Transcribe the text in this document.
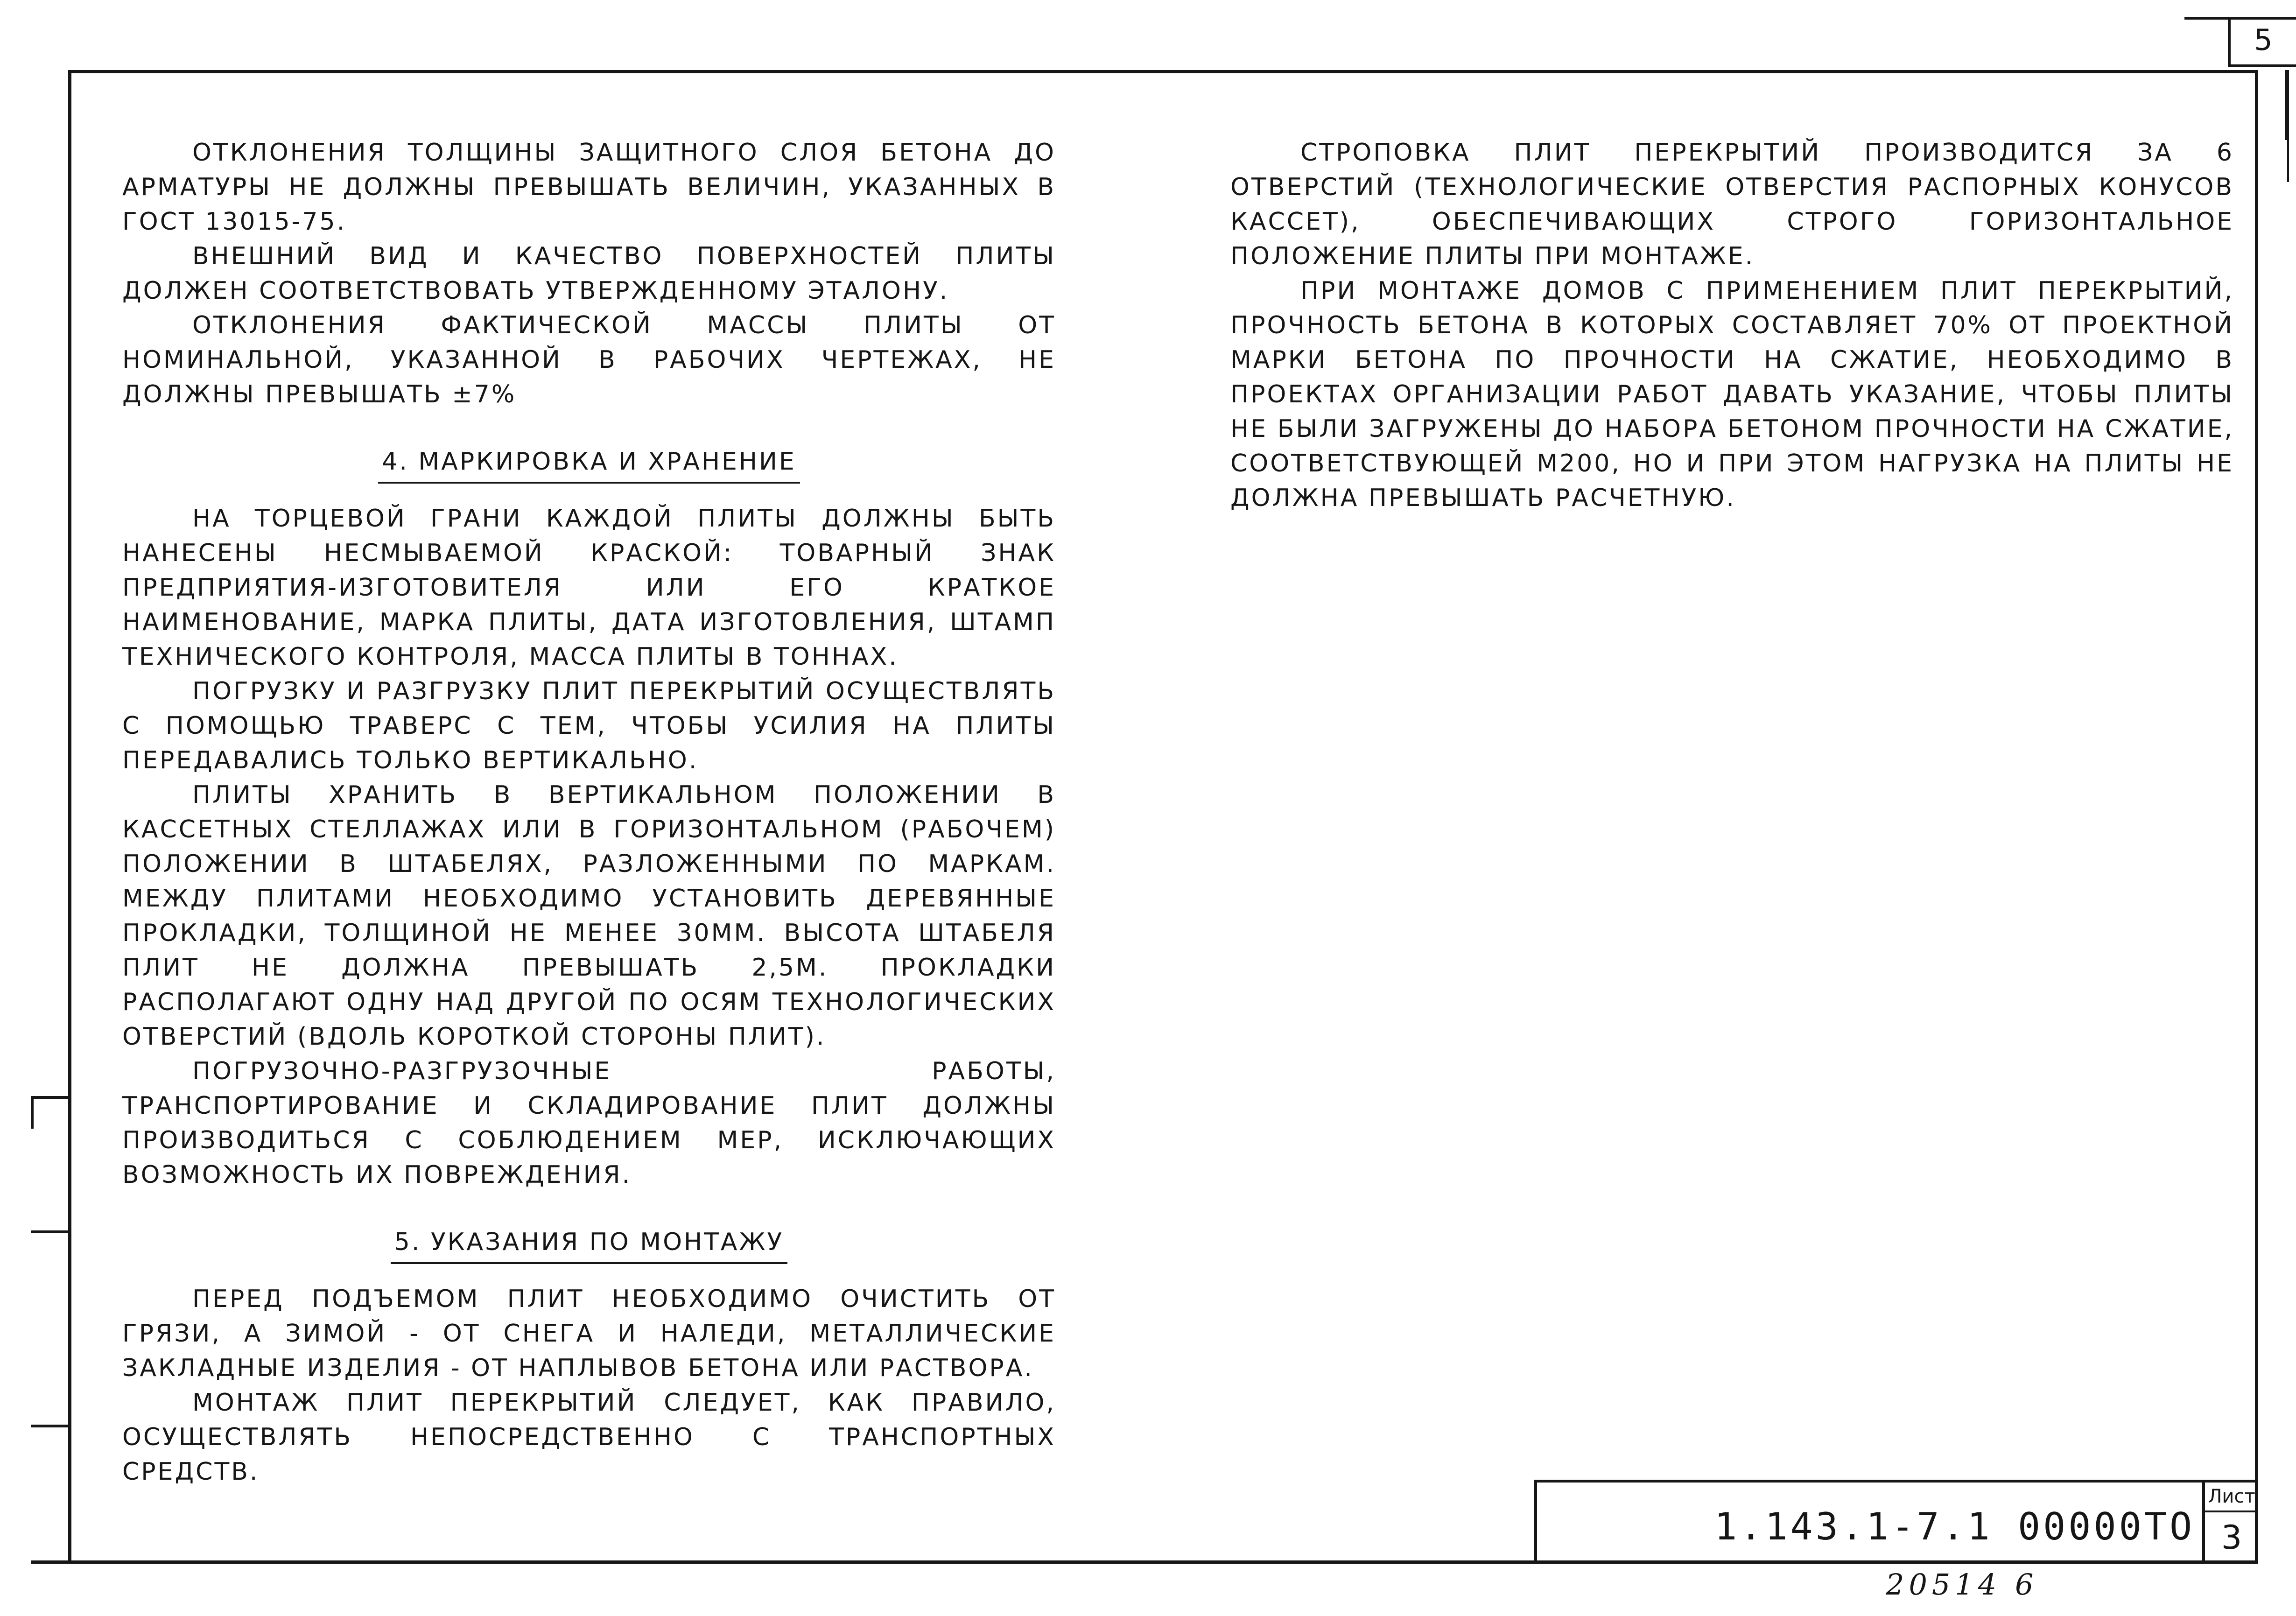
5

ОТКЛОНЕНИЯ ТОЛЩИНЫ ЗАЩИТНОГО СЛОЯ БЕТОНА ДО АРМАТУРЫ НЕ ДОЛЖНЫ ПРЕВЫШАТЬ ВЕЛИЧИН, УКАЗАННЫХ В ГОСТ 13015-75.

ВНЕШНИЙ ВИД И КАЧЕСТВО ПОВЕРХНОСТЕЙ ПЛИТЫ ДОЛЖЕН СООТВЕТСТВОВАТЬ УТВЕРЖДЕННОМУ ЭТАЛОНУ.

ОТКЛОНЕНИЯ ФАКТИЧЕСКОЙ МАССЫ ПЛИТЫ ОТ НОМИНАЛЬНОЙ, УКАЗАННОЙ В РАБОЧИХ ЧЕРТЕЖАХ, НЕ ДОЛЖНЫ ПРЕВЫШАТЬ ±7%

4. МАРКИРОВКА И ХРАНЕНИЕ

НА ТОРЦЕВОЙ ГРАНИ КАЖДОЙ ПЛИТЫ ДОЛЖНЫ БЫТЬ НАНЕСЕНЫ НЕСМЫВАЕМОЙ КРАСКОЙ: ТОВАРНЫЙ ЗНАК ПРЕДПРИЯТИЯ-ИЗГОТОВИТЕЛЯ ИЛИ ЕГО КРАТКОЕ НАИМЕНОВАНИЕ, МАРКА ПЛИТЫ, ДАТА ИЗГОТОВЛЕНИЯ, ШТАМП ТЕХНИЧЕСКОГО КОНТРОЛЯ, МАССА ПЛИТЫ В ТОННАХ.

ПОГРУЗКУ И РАЗГРУЗКУ ПЛИТ ПЕРЕКРЫТИЙ ОСУЩЕСТВЛЯТЬ С ПОМОЩЬЮ ТРАВЕРС С ТЕМ, ЧТОБЫ УСИЛИЯ НА ПЛИТЫ ПЕРЕДАВАЛИСЬ ТОЛЬКО ВЕРТИКАЛЬНО.

ПЛИТЫ ХРАНИТЬ В ВЕРТИКАЛЬНОМ ПОЛОЖЕНИИ В КАССЕТНЫХ СТЕЛЛАЖАХ ИЛИ В ГОРИЗОНТАЛЬНОМ (РАБОЧЕМ) ПОЛОЖЕНИИ В ШТАБЕЛЯХ, РАЗЛОЖЕННЫМИ ПО МАРКАМ. МЕЖДУ ПЛИТАМИ НЕОБХОДИМО УСТАНОВИТЬ ДЕРЕВЯННЫЕ ПРОКЛАДКИ, ТОЛЩИНОЙ НЕ МЕНЕЕ 30ММ. ВЫСОТА ШТАБЕЛЯ ПЛИТ НЕ ДОЛЖНА ПРЕВЫШАТЬ 2,5М. ПРОКЛАДКИ РАСПОЛАГАЮТ ОДНУ НАД ДРУГОЙ ПО ОСЯМ ТЕХНОЛОГИЧЕСКИХ ОТВЕРСТИЙ (ВДОЛЬ КОРОТКОЙ СТОРОНЫ ПЛИТ).

ПОГРУЗОЧНО-РАЗГРУЗОЧНЫЕ РАБОТЫ, ТРАНСПОРТИРОВАНИЕ И СКЛАДИРОВАНИЕ ПЛИТ ДОЛЖНЫ ПРОИЗВОДИТЬСЯ С СОБЛЮДЕНИЕМ МЕР, ИСКЛЮЧАЮЩИХ ВОЗМОЖНОСТЬ ИХ ПОВРЕЖДЕНИЯ.

5. УКАЗАНИЯ ПО МОНТАЖУ

ПЕРЕД ПОДЪЕМОМ ПЛИТ НЕОБХОДИМО ОЧИСТИТЬ ОТ ГРЯЗИ, А ЗИМОЙ - ОТ СНЕГА И НАЛЕДИ, МЕТАЛЛИЧЕСКИЕ ЗАКЛАДНЫЕ ИЗДЕЛИЯ - ОТ НАПЛЫВОВ БЕТОНА ИЛИ РАСТВОРА.

МОНТАЖ ПЛИТ ПЕРЕКРЫТИЙ СЛЕДУЕТ, КАК ПРАВИЛО, ОСУЩЕСТВЛЯТЬ НЕПОСРЕДСТВЕННО С ТРАНСПОРТНЫХ СРЕДСТВ.

СТРОПОВКА ПЛИТ ПЕРЕКРЫТИЙ ПРОИЗВОДИТСЯ ЗА 6 ОТВЕРСТИЙ (ТЕХНОЛОГИЧЕСКИЕ ОТВЕРСТИЯ РАСПОРНЫХ КОНУСОВ КАССЕТ), ОБЕСПЕЧИВАЮЩИХ СТРОГО ГОРИЗОНТАЛЬНОЕ ПОЛОЖЕНИЕ ПЛИТЫ ПРИ МОНТАЖЕ.

ПРИ МОНТАЖЕ ДОМОВ С ПРИМЕНЕНИЕМ ПЛИТ ПЕРЕКРЫТИЙ, ПРОЧНОСТЬ БЕТОНА В КОТОРЫХ СОСТАВЛЯЕТ 70% ОТ ПРОЕКТНОЙ МАРКИ БЕТОНА ПО ПРОЧНОСТИ НА СЖАТИЕ, НЕОБХОДИМО В ПРОЕКТАХ ОРГАНИЗАЦИИ РАБОТ ДАВАТЬ УКАЗАНИЕ, ЧТОБЫ ПЛИТЫ НЕ БЫЛИ ЗАГРУЖЕНЫ ДО НАБОРА БЕТОНОМ ПРОЧНОСТИ НА СЖАТИЕ, СООТВЕТСТВУЮЩЕЙ М200, НО И ПРИ ЭТОМ НАГРУЗКА НА ПЛИТЫ НЕ ДОЛЖНА ПРЕВЫШАТЬ РАСЧЕТНУЮ.

1.143.1-7.1 00000ТО
Лист
3
20514 6
